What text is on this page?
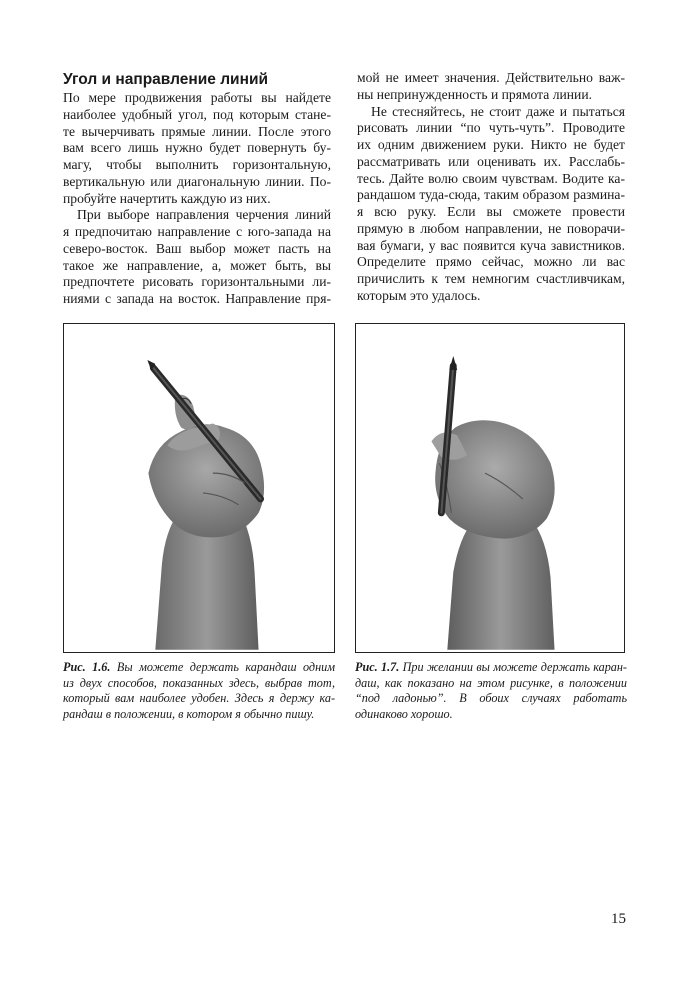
Угол и направление линий
По мере продвижения работы вы найдете
наиболее удобный угол, под которым стане-
те вычерчивать прямые линии. После этого
вам всего лишь нужно будет повернуть бу-
магу, чтобы выполнить горизонтальную,
вертикальную или диагональную линии. По-
пробуйте начертить каждую из них.
При выборе направления черчения линий
я предпочитаю направление с юго-запада на
северо-восток. Ваш выбор может пасть на
такое же направление, а, может быть, вы
предпочтете рисовать горизонтальными ли-
ниями с запада на восток. Направление пря-
мой не имеет значения. Действительно важ-
ны непринужденность и прямота линии.
Не стесняйтесь, не стоит даже и пытаться
рисовать линии “по чуть-чуть”. Проводите
их одним движением руки. Никто не будет
рассматривать или оценивать их. Расслабь-
тесь. Дайте волю своим чувствам. Водите ка-
рандашом туда-сюда, таким образом размина-
я всю руку. Если вы сможете провести
прямую в любом направлении, не поворачи-
вая бумаги, у вас появится куча завистников.
Определите прямо сейчас, можно ли вас
причислить к тем немногим счастливчикам,
которым это удалось.
Рис. 1.6. Вы можете держать карандаш одним
из двух способов, показанных здесь, выбрав тот,
который вам наиболее удобен. Здесь я держу ка-
рандаш в положении, в котором я обычно пишу.
Рис. 1.7. При желании вы можете держать каран-
даш, как показано на этом рисунке, в положении
“под ладонью”. В обоих случаях работать
одинаково хорошо.
15
